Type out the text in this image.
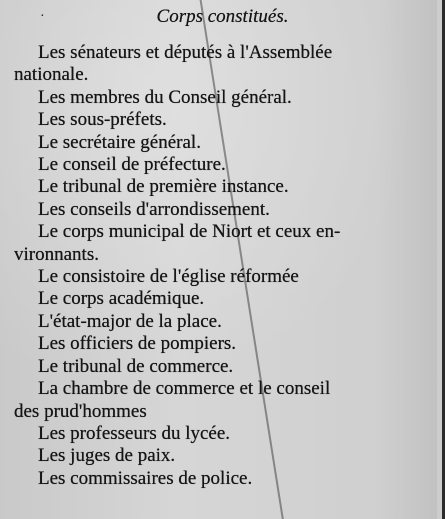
·	Corps constitués.
Les sénateurs et députés à l'Assemblée
nationale.
Les membres du Conseil général.
Les sous-préfets.
Le secrétaire général.
Le conseil de préfecture.
Le tribunal de première instance.
Les conseils d'arrondissement.
Le corps municipal de Niort et ceux en-
vironnants.
Le consistoire de l'église réformée
Le corps académique.
L'état-major de la place.
Les officiers de pompiers.
Le tribunal de commerce.
La chambre de commerce et le conseil
des prud'hommes
Les professeurs du lycée.
Les juges de paix.
Les commissaires de police.
